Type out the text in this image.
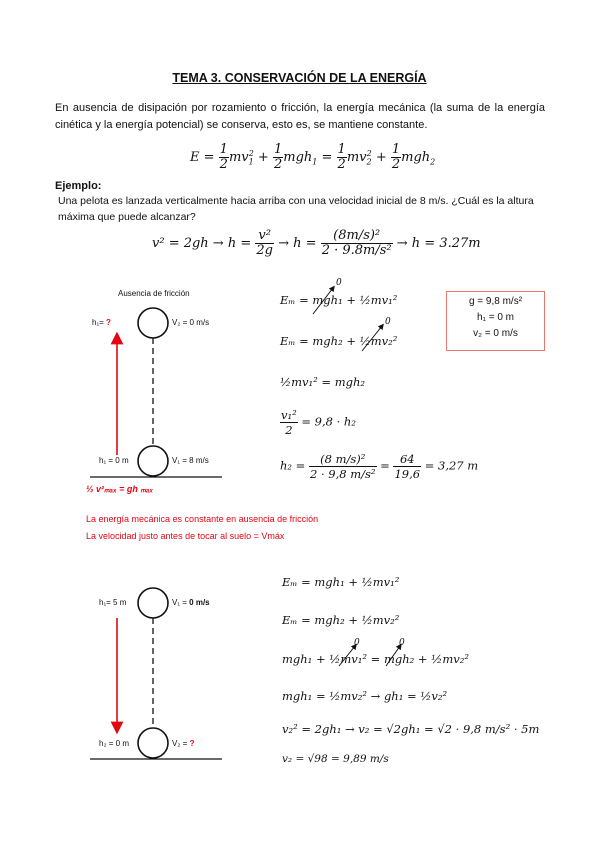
TEMA 3. CONSERVACIÓN DE LA ENERGÍA
En ausencia de disipación por rozamiento o fricción, la energía mecánica (la suma de la energía cinética y la energía potencial) se conserva, esto es, se mantiene constante.
$E = \frac{1}{2} mv_1^2 + \frac{1}{2} mgh_1 = \frac{1}{2} mv_2^2 + \frac{1}{2} mgh_2$
Ejemplo:
Una pelota es lanzada verticalmente hacia arriba con una velocidad inicial de 8 m/s. ¿Cuál es la altura máxima que puede alcanzar?
$v^2 = 2gh \to h = \frac{\text{v²}}{2g} \to h = \frac{\text{(8m/s)²}}{\text{2 · 9.8m/s²}} \to h = 3.27m$
Ausencia de fricción
h₁= ?	V₂ = 0 m/s
h₁ = 0 m	V₁ = 8 m/s
Eₘ = mgh₁ + ½mv₁²
0
Eₘ = mgh₂ + ½mv₂²
0
½mv₁² = mgh₂
$\frac{\text{v₁²}}{2} = 9,8 \cdot h_2$
$h_2 = \frac{\text{(8 m/s)²}}{\text{2 · 9,8 m/s²}} = \frac{64}{19,6} = 3,27$ m
g = 9,8 m/s²
h₁ = 0 m
v₂ = 0 m/s
½ v²ₘₐₓ = gh ₘₐₓ
La energía mecánica es constante en ausencia de fricción
La velocidad justo antes de tocar al suelo = Vmáx
h₁= 5 m	V₁ = 0 m/s
h₂ = 0 m	V₂ = ?
Eₘ = mgh₁ + ½mv₁²
Eₘ = mgh₂ + ½mv₂²
mgh₁ + ½mv₁² = mgh₂ + ½mv₂²
0	0
mgh₁ = ½mv₂² → gh₁ = ½v₂²
v₂² = 2gh₁ → v₂ = √2gh₁ = √2 · 9,8 m/s² · 5m
v₂ = √98 = 9,89 m/s
